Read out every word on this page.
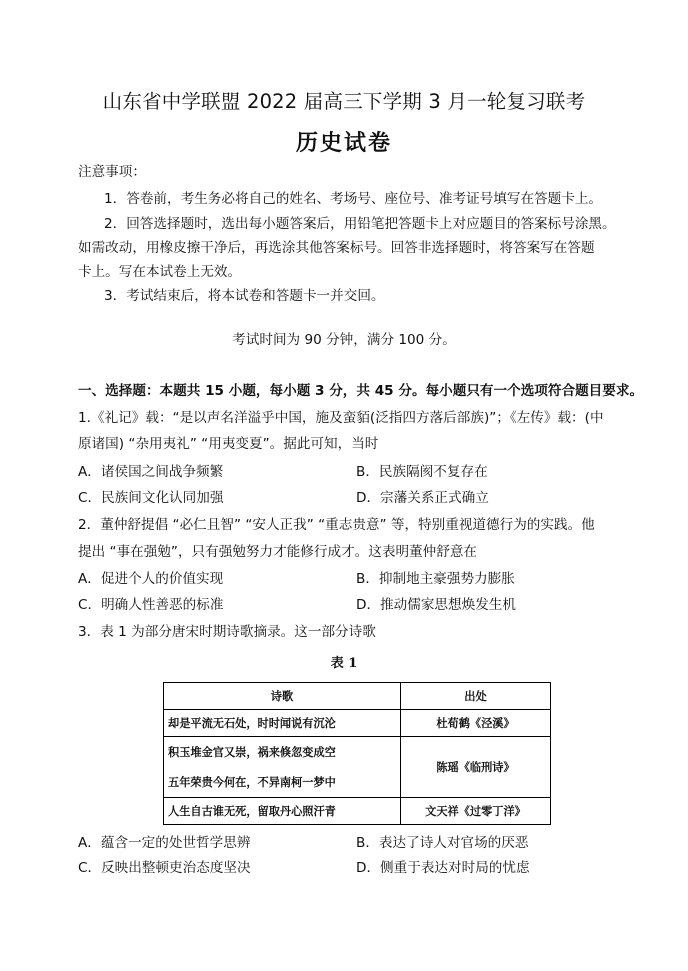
山东省中学联盟 2022 届高三下学期 3 月一轮复习联考
历史试卷
注意事项：
1．答卷前，考生务必将自己的姓名、考场号、座位号、准考证号填写在答题卡上。
2．回答选择题时，选出每小题答案后，用铅笔把答题卡上对应题目的答案标号涂黑。
如需改动，用橡皮擦干净后，再选涂其他答案标号。回答非选择题时，将答案写在答题
卡上。写在本试卷上无效。
3．考试结束后，将本试卷和答题卡一并交回。
考试时间为 90 分钟，满分 100 分。
一、选择题：本题共 15 小题，每小题 3 分，共 45 分。每小题只有一个选项符合题目要求。
1.《礼记》载：“是以声名洋溢乎中国，施及蛮貊(泛指四方落后部族)”；《左传》载：(中
原诸国) “杂用夷礼” “用夷变夏”。据此可知，当时
A．诸侯国之间战争频繁	B．民族隔阂不复存在
C．民族间文化认同加强	D．宗藩关系正式确立
2．董仲舒提倡 “必仁且智” “安人正我” “重志贵意” 等，特别重视道德行为的实践。他
提出 “事在强勉”，只有强勉努力才能修行成才。这表明董仲舒意在
A．促进个人的价值实现	B．抑制地主豪强势力膨胀
C．明确人性善恶的标准	D．推动儒家思想焕发生机
3．表 1 为部分唐宋时期诗歌摘录。这一部分诗歌
表 1
诗歌	出处
却是平流无石处，时时闻说有沉沦	杜荀鹤《泾溪》

积玉堆金官又崇，祸来倏忽变成空
五年荣贵今何在，不异南柯一梦中	陈瑶《临刑诗》
人生自古谁无死，留取丹心照汗青	文天祥《过零丁洋》
A．蕴含一定的处世哲学思辨	B．表达了诗人对官场的厌恶
C．反映出整顿吏治态度坚决	D．侧重于表达对时局的忧虑
